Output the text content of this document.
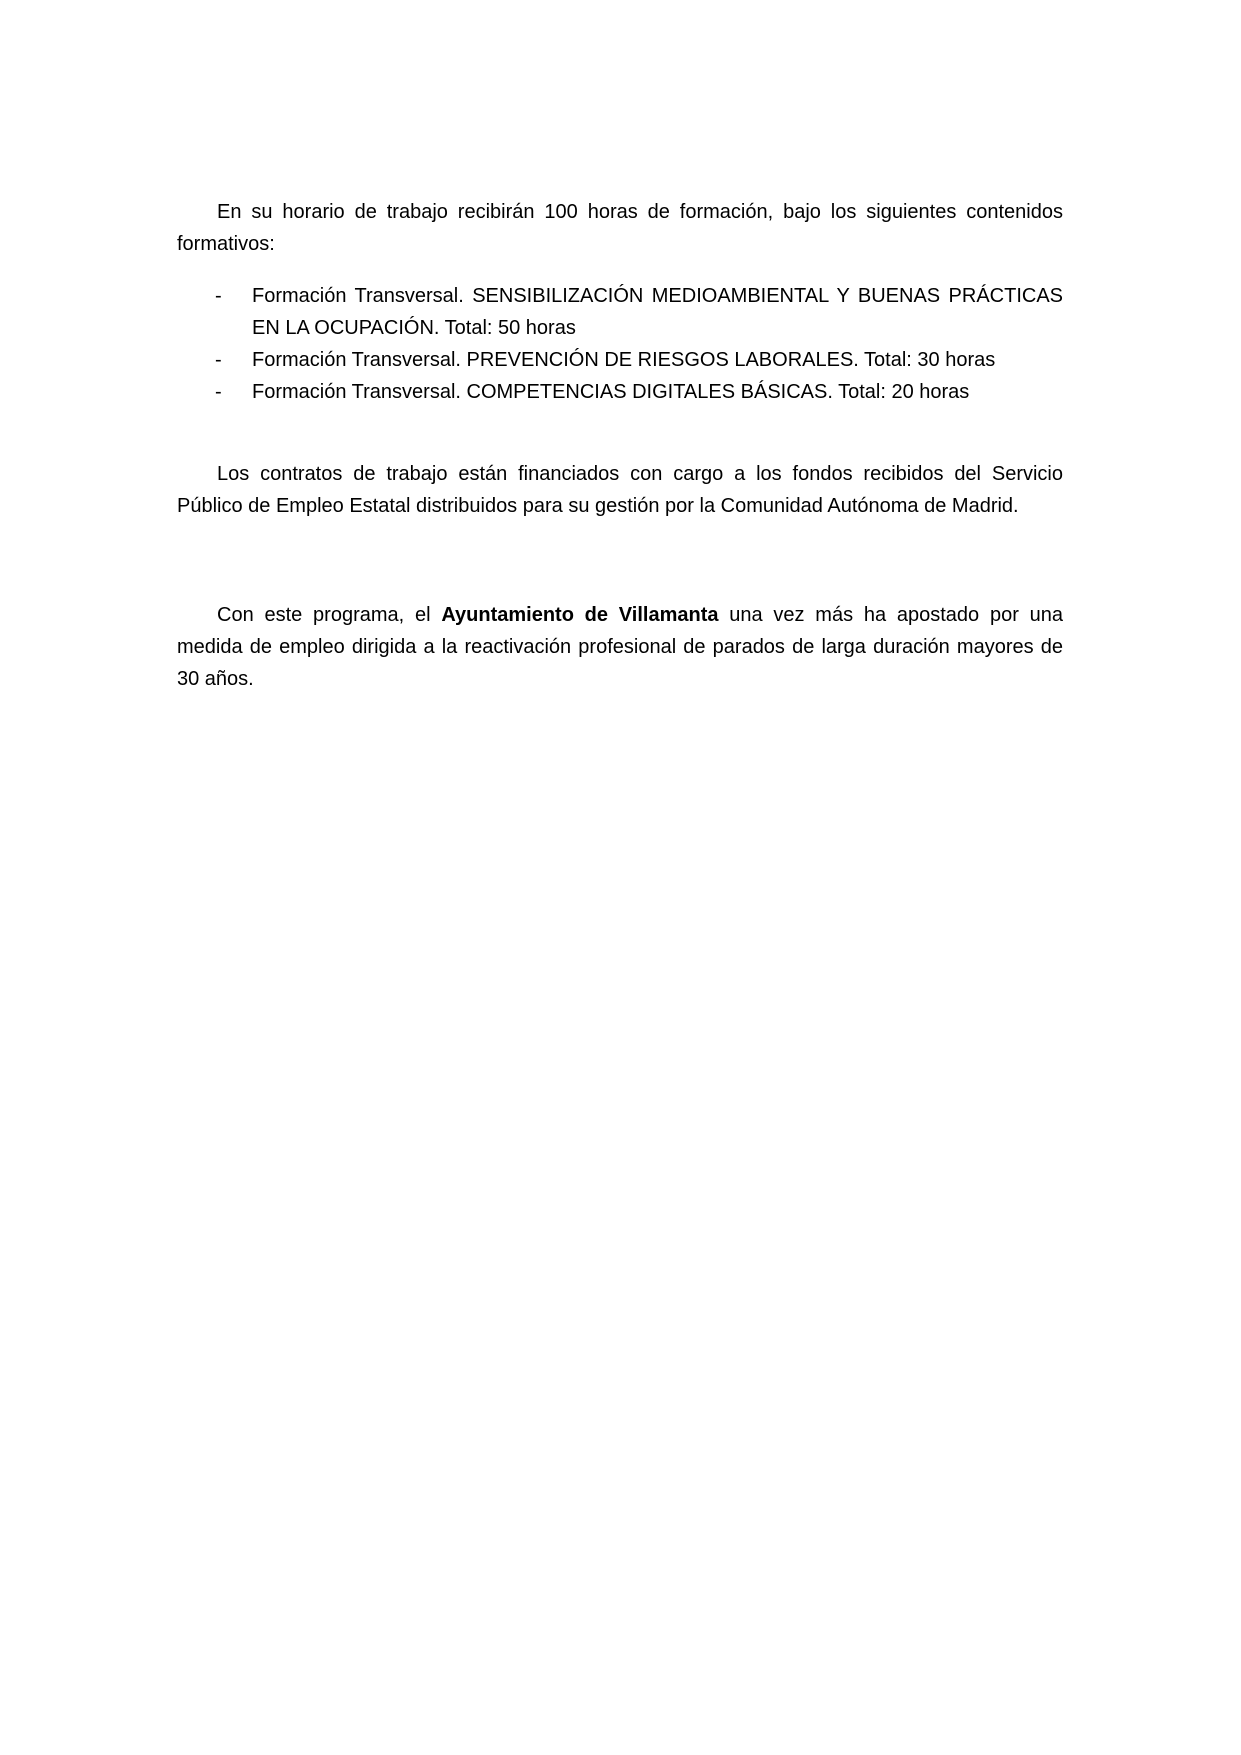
En su horario de trabajo recibirán 100 horas de formación, bajo los siguientes contenidos formativos:

- Formación Transversal. SENSIBILIZACIÓN MEDIOAMBIENTAL Y BUENAS PRÁCTICAS EN LA OCUPACIÓN. Total: 50 horas
- Formación Transversal. PREVENCIÓN DE RIESGOS LABORALES. Total: 30 horas
- Formación Transversal. COMPETENCIAS DIGITALES BÁSICAS. Total: 20 horas

Los contratos de trabajo están financiados con cargo a los fondos recibidos del Servicio Público de Empleo Estatal distribuidos para su gestión por la Comunidad Autónoma de Madrid.

Con este programa, el Ayuntamiento de Villamanta una vez más ha apostado por una medida de empleo dirigida a la reactivación profesional de parados de larga duración mayores de 30 años.
